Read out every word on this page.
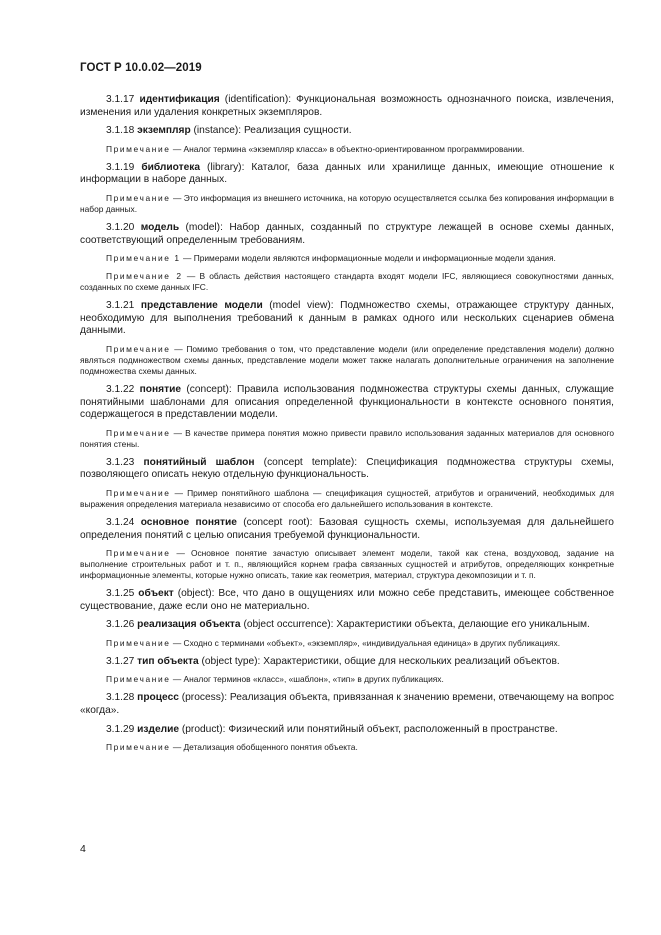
ГОСТ Р 10.0.02—2019

3.1.17 идентификация (identification): Функциональная возможность однозначного поиска, извлечения, изменения или удаления конкретных экземпляров.

3.1.18 экземпляр (instance): Реализация сущности.

Примечание — Аналог термина «экземпляр класса» в объектно-ориентированном программировании.

3.1.19 библиотека (library): Каталог, база данных или хранилище данных, имеющие отношение к информации в наборе данных.

Примечание — Это информация из внешнего источника, на которую осуществляется ссылка без копирования информации в набор данных.

3.1.20 модель (model): Набор данных, созданный по структуре лежащей в основе схемы данных, соответствующий определенным требованиям.

Примечание 1 — Примерами модели являются информационные модели и информационные модели здания.

Примечание 2 — В область действия настоящего стандарта входят модели IFC, являющиеся совокупностями данных, созданных по схеме данных IFC.

3.1.21 представление модели (model view): Подмножество схемы, отражающее структуру данных, необходимую для выполнения требований к данным в рамках одного или нескольких сценариев обмена данными.

Примечание — Помимо требования о том, что представление модели (или определение представления модели) должно являться подмножеством схемы данных, представление модели может также налагать дополнительные ограничения на заполнение подмножества схемы данных.

3.1.22 понятие (concept): Правила использования подмножества структуры схемы данных, служащие понятийными шаблонами для описания определенной функциональности в контексте основного понятия, содержащегося в представлении модели.

Примечание — В качестве примера понятия можно привести правило использования заданных материалов для основного понятия стены.

3.1.23 понятийный шаблон (concept template): Спецификация подмножества структуры схемы, позволяющего описать некую отдельную функциональность.

Примечание — Пример понятийного шаблона — спецификация сущностей, атрибутов и ограничений, необходимых для выражения определения материала независимо от способа его дальнейшего использования в контексте.

3.1.24 основное понятие (concept root): Базовая сущность схемы, используемая для дальнейшего определения понятий с целью описания требуемой функциональности.

Примечание — Основное понятие зачастую описывает элемент модели, такой как стена, воздуховод, задание на выполнение строительных работ и т. п., являющийся корнем графа связанных сущностей и атрибутов, определяющих конкретные информационные элементы, которые нужно описать, такие как геометрия, материал, структура декомпозиции и т. п.

3.1.25 объект (object): Все, что дано в ощущениях или можно себе представить, имеющее собственное существование, даже если оно не материально.

3.1.26 реализация объекта (object occurrence): Характеристики объекта, делающие его уникальным.

Примечание — Сходно с терминами «объект», «экземпляр», «индивидуальная единица» в других публикациях.

3.1.27 тип объекта (object type): Характеристики, общие для нескольких реализаций объектов.

Примечание — Аналог терминов «класс», «шаблон», «тип» в других публикациях.

3.1.28 процесс (process): Реализация объекта, привязанная к значению времени, отвечающему на вопрос «когда».

3.1.29 изделие (product): Физический или понятийный объект, расположенный в пространстве.

Примечание — Детализация обобщенного понятия объекта.

4
